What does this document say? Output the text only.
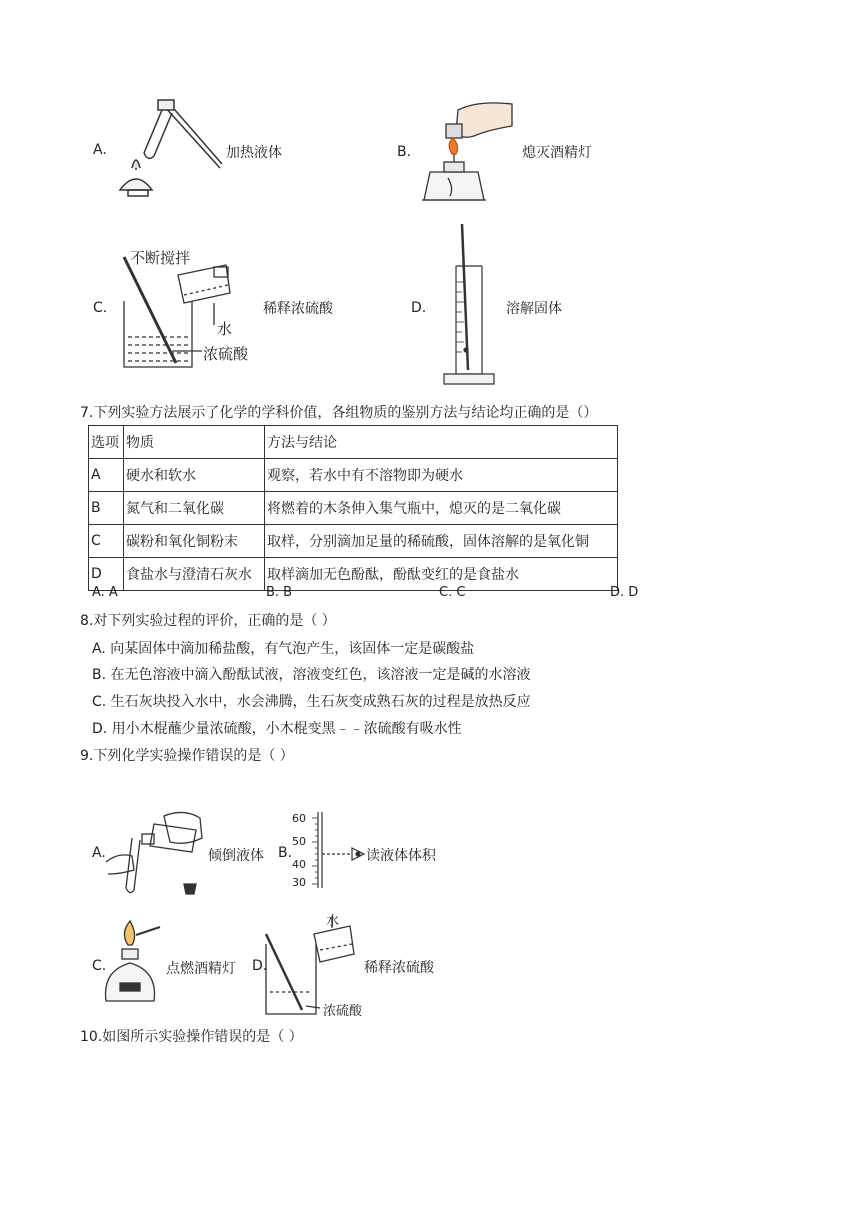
A.	加热液体	B.	熄灭酒精灯
C.
不断搅拌
水
浓硫酸
稀释浓硫酸	D.	溶解固体
7.下列实验方法展示了化学的学科价值，各组物质的鉴别方法与结论均正确的是（）
选项	物质	方法与结论
A	硬水和软水	观察，若水中有不溶物即为硬水
B	氮气和二氧化碳	将燃着的木条伸入集气瓶中，熄灭的是二氧化碳
C	碳粉和氧化铜粉末	取样，分别滴加足量的稀硫酸，固体溶解的是氧化铜
D	食盐水与澄清石灰水	取样滴加无色酚酞，酚酞变红的是食盐水
A. A	B. B	C. C	D. D
8.对下列实验过程的评价，正确的是（ ）
A. 向某固体中滴加稀盐酸，有气泡产生，该固体一定是碳酸盐
B. 在无色溶液中滴入酚酞试液，溶液变红色，该溶液一定是碱的水溶液
C. 生石灰块投入水中，水会沸腾，生石灰变成熟石灰的过程是放热反应
D. 用小木棍蘸少量浓硫酸，小木棍变黑﹣﹣浓硫酸有吸水性
9.下列化学实验操作错误的是（ ）
A.	倾倒液体 B.
60
50
40
30
读液体体积
C.	点燃酒精灯 D.
水
浓硫酸
稀释浓硫酸
10.如图所示实验操作错误的是（ ）
